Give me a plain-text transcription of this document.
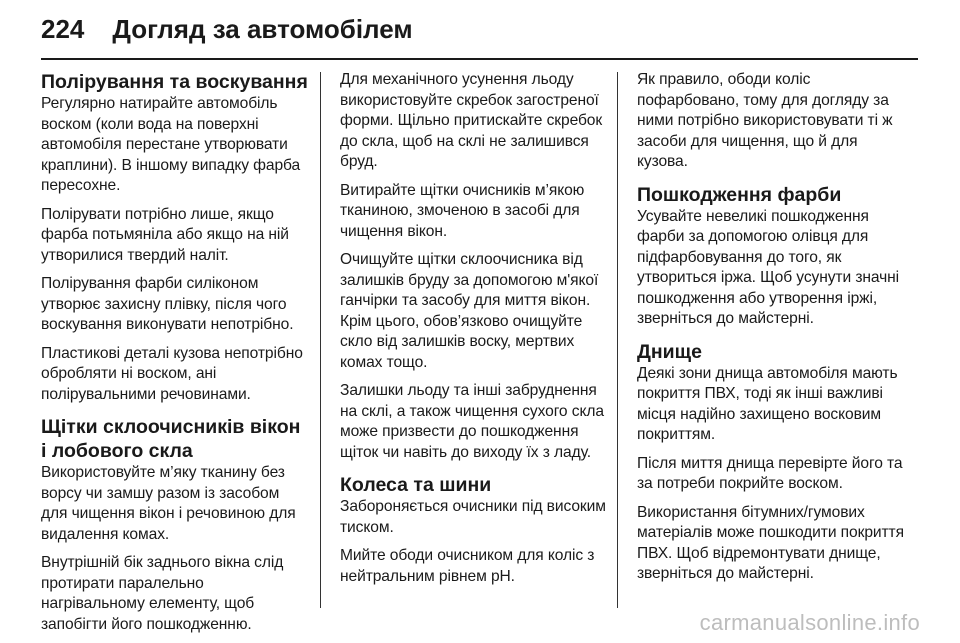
224 Догляд за автомобілем
Полірування та воскування

Регулярно натирайте автомобіль воском (коли вода на поверхні автомобіля перестане утворювати краплини). В іншому випадку фарба пересохне.

Полірувати потрібно лише, якщо фарба потьмяніла або якщо на ній утворилися твердий наліт.

Полірування фарби силіконом утворює захисну плівку, після чого воскування виконувати непотрібно.

Пластикові деталі кузова непотрібно обробляти ні воском, ані полірувальними речовинами.

Щітки склоочисників вікон і лобового скла

Використовуйте м’яку тканину без ворсу чи замшу разом із засобом для чищення вікон і речовиною для видалення комах.

Внутрішній бік заднього вікна слід протирати паралельно нагрівальному елементу, щоб запобігти його пошкодженню.

Для механічного усунення льоду використовуйте скребок загостреної форми. Щільно притискайте скребок до скла, щоб на склі не залишився бруд.

Витирайте щітки очисників м’якою тканиною, змоченою в засобі для чищення вікон.

Очищуйте щітки склоочисника від залишків бруду за допомогою м'якої ганчірки та засобу для миття вікон. Крім цього, обов’язково очищуйте скло від залишків воску, мертвих комах тощо.

Залишки льоду та інші забруднення на склі, а також чищення сухого скла може призвести до пошкодження щіток чи навіть до виходу їх з ладу.

Колеса та шини

Забороняється очисники під високим тиском.

Мийте ободи очисником для коліс з нейтральним рівнем pH.

Як правило, ободи коліс пофарбовано, тому для догляду за ними потрібно використовувати ті ж засоби для чищення, що й для кузова.

Пошкодження фарби

Усувайте невеликі пошкодження фарби за допомогою олівця для підфарбовування до того, як утвориться іржа. Щоб усунути значні пошкодження або утворення іржі, зверніться до майстерні.

Днище

Деякі зони днища автомобіля мають покриття ПВХ, тоді як інші важливі місця надійно захищено восковим покриттям.

Після миття днища перевірте його та за потреби покрийте воском.

Використання бітумних/гумових матеріалів може пошкодити покриття ПВХ. Щоб відремонтувати днище, зверніться до майстерні.

carmanualsonline.info
